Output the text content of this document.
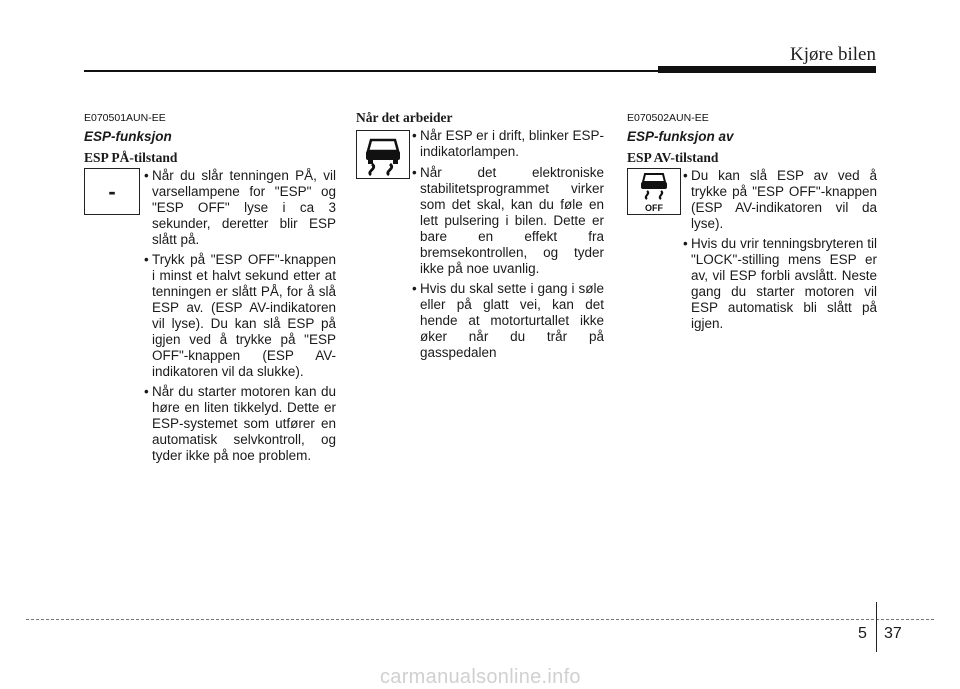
Kjøre bilen
E070501AUN-EE
ESP-funksjon
ESP PÅ-tilstand
-
• Når du slår tenningen PÅ, vil varsellampene for "ESP" og "ESP OFF" lyse i ca 3 sekunder, deretter blir ESP slått på.
• Trykk på "ESP OFF"-knappen i minst et halvt sekund etter at tenningen er slått PÅ, for å slå ESP av. (ESP AV-indikatoren vil lyse). Du kan slå ESP på igjen ved å trykke på "ESP OFF"-knappen (ESP AV-indikatoren vil da slukke).
• Når du starter motoren kan du høre en liten tikkelyd. Dette er ESP-systemet som utfører en automatisk selvkontroll, og tyder ikke på noe problem.
Når det arbeider
• Når ESP er i drift, blinker ESP-indikatorlampen.
• Når det elektroniske stabilitetsprogrammet virker som det skal, kan du føle en lett pulsering i bilen. Dette er bare en effekt fra bremsekontrollen, og tyder ikke på noe uvanlig.
• Hvis du skal sette i gang i søle eller på glatt vei, kan det hende at motorturtallet ikke øker når du trår på gasspedalen
E070502AUN-EE
ESP-funksjon av
ESP AV-tilstand
OFF
• Du kan slå ESP av ved å trykke på "ESP OFF"-knappen (ESP AV-indikatoren vil da lyse).
• Hvis du vrir tenningsbryteren til "LOCK"-stilling mens ESP er av, vil ESP forbli avslått. Neste gang du starter motoren vil ESP automatisk bli slått på igjen.
5 37
carmanualsonline.info
